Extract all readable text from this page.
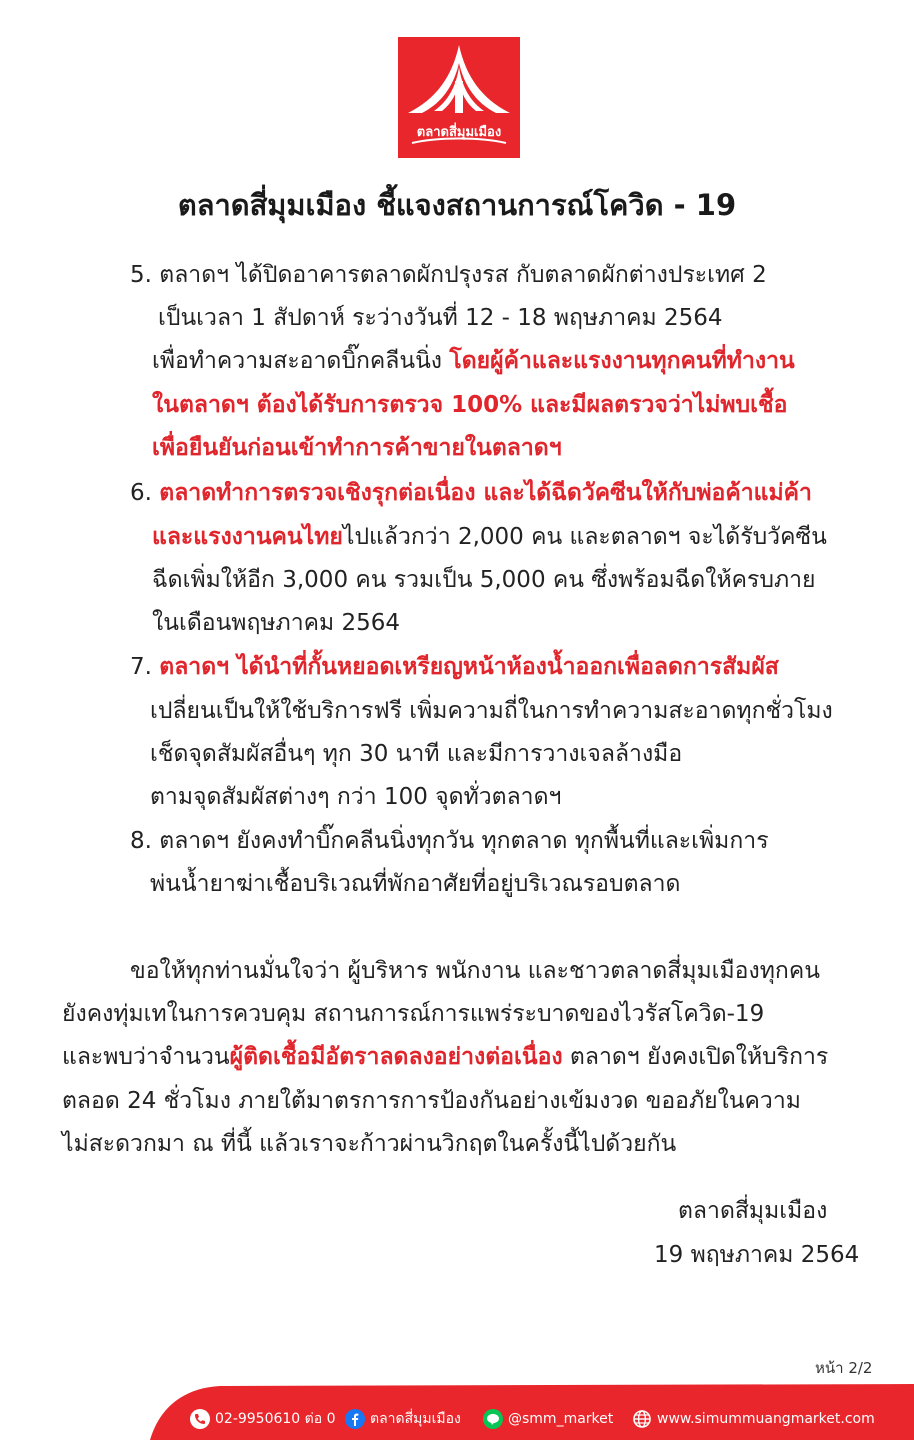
ตลาดสี่มุมเมือง
ตลาดสี่มุมเมือง ชี้แจงสถานการณ์โควิด - 19
5. ตลาดฯ ได้ปิดอาคารตลาดผักปรุงรส กับตลาดผักต่างประเทศ 2
เป็นเวลา 1 สัปดาห์ ระว่างวันที่ 12 - 18 พฤษภาคม 2564
เพื่อทำความสะอาดบิ๊กคลีนนิ่ง โดยผู้ค้าและแรงงานทุกคนที่ทำงาน
ในตลาดฯ ต้องได้รับการตรวจ 100% และมีผลตรวจว่าไม่พบเชื้อ
เพื่อยืนยันก่อนเข้าทำการค้าขายในตลาดฯ
6. ตลาดทำการตรวจเชิงรุกต่อเนื่อง และได้ฉีดวัคซีนให้กับพ่อค้าแม่ค้า
และแรงงานคนไทยไปแล้วกว่า 2,000 คน และตลาดฯ จะได้รับวัคซีน
ฉีดเพิ่มให้อีก 3,000 คน รวมเป็น 5,000 คน ซึ่งพร้อมฉีดให้ครบภาย
ในเดือนพฤษภาคม 2564
7. ตลาดฯ ได้นำที่กั้นหยอดเหรียญหน้าห้องน้ำออกเพื่อลดการสัมผัส
เปลี่ยนเป็นให้ใช้บริการฟรี เพิ่มความถี่ในการทำความสะอาดทุกชั่วโมง
เช็ดจุดสัมผัสอื่นๆ ทุก 30 นาที และมีการวางเจลล้างมือ
ตามจุดสัมผัสต่างๆ กว่า 100 จุดทั่วตลาดฯ
8. ตลาดฯ ยังคงทำบิ๊กคลีนนิ่งทุกวัน ทุกตลาด ทุกพื้นที่และเพิ่มการ
พ่นน้ำยาฆ่าเชื้อบริเวณที่พักอาศัยที่อยู่บริเวณรอบตลาด
ขอให้ทุกท่านมั่นใจว่า ผู้บริหาร พนักงาน และชาวตลาดสี่มุมเมืองทุกคน
ยังคงทุ่มเทในการควบคุม สถานการณ์การแพร่ระบาดของไวรัสโควิด-19
และพบว่าจำนวนผู้ติดเชื้อมีอัตราลดลงอย่างต่อเนื่อง ตลาดฯ ยังคงเปิดให้บริการ
ตลอด 24 ชั่วโมง ภายใต้มาตรการการป้องกันอย่างเข้มงวด ขออภัยในความ
ไม่สะดวกมา ณ ที่นี้ แล้วเราจะก้าวผ่านวิกฤตในครั้งนี้ไปด้วยกัน
ตลาดสี่มุมเมือง
19 พฤษภาคม 2564
หน้า 2/2
02-9950610 ต่อ 0 ตลาดสี่มุมเมือง	@smm_market	www.simummuangmarket.com
